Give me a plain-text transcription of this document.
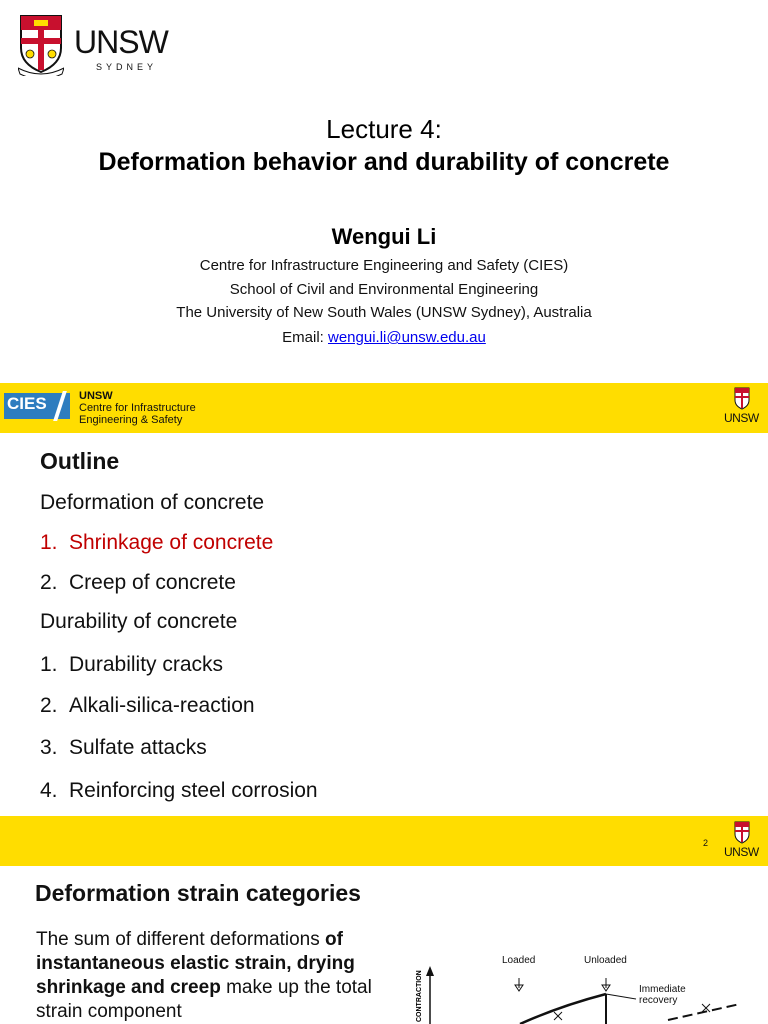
UNSW
SYDNEY
Lecture 4:
Deformation behavior and durability of concrete
Wengui Li
Centre for Infrastructure Engineering and Safety (CIES)
School of Civil and Environmental Engineering
The University of New South Wales (UNSW Sydney), Australia
Email: wengui.li@unsw.edu.au
CIES	UNSW
Centre for Infrastructure
Engineering & Safety	UNSW
Outline
Deformation of concrete
1. Shrinkage of concrete
2. Creep of concrete
Durability of concrete
1. Durability cracks
2. Alkali-silica-reaction
3. Sulfate attacks
4. Reinforcing steel corrosion
2
UNSW
Deformation strain categories
The sum of different deformations of instantaneous elastic strain, drying shrinkage and creep make up the total strain component
Loaded	Unloaded
Immediate
recovery
CONTRACTION
